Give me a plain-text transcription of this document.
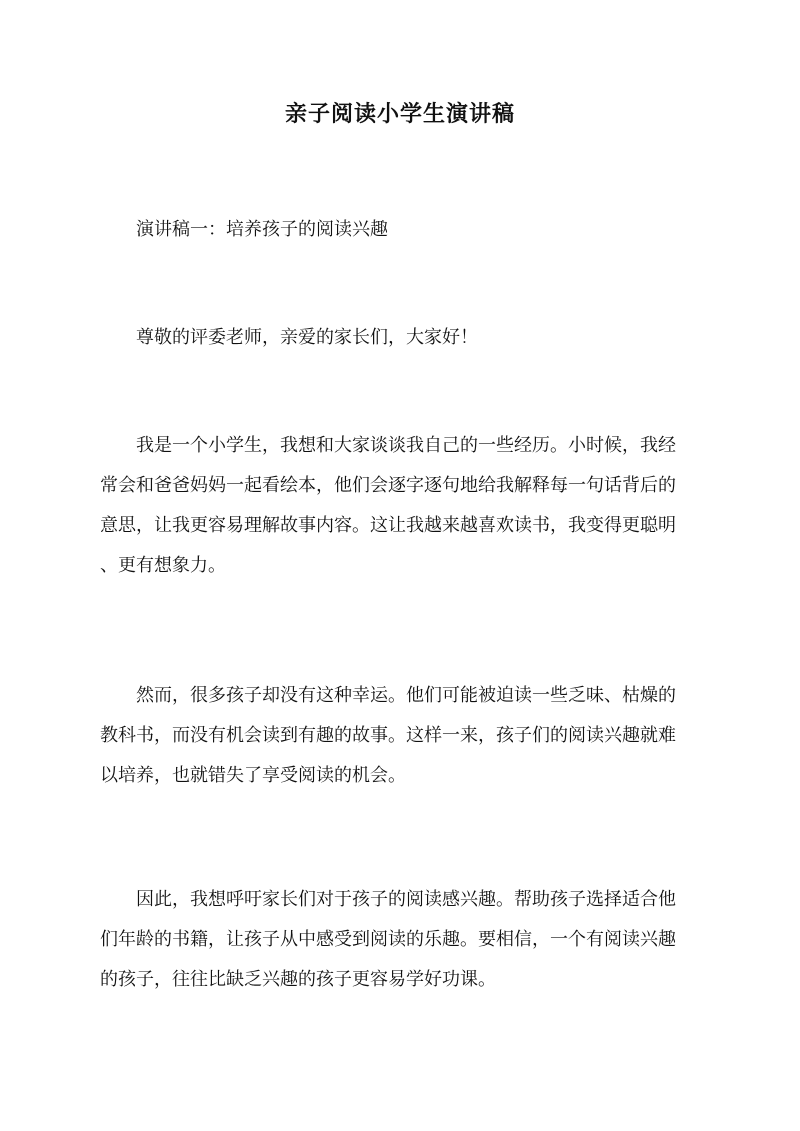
亲子阅读小学生演讲稿

演讲稿一：培养孩子的阅读兴趣

尊敬的评委老师，亲爱的家长们，大家好！

我是一个小学生，我想和大家谈谈我自己的一些经历。小时候，我经
常会和爸爸妈妈一起看绘本，他们会逐字逐句地给我解释每一句话背后的
意思，让我更容易理解故事内容。这让我越来越喜欢读书，我变得更聪明
、更有想象力。

然而，很多孩子却没有这种幸运。他们可能被迫读一些乏味、枯燥的
教科书，而没有机会读到有趣的故事。这样一来，孩子们的阅读兴趣就难
以培养，也就错失了享受阅读的机会。

因此，我想呼吁家长们对于孩子的阅读感兴趣。帮助孩子选择适合他
们年龄的书籍，让孩子从中感受到阅读的乐趣。要相信，一个有阅读兴趣
的孩子，往往比缺乏兴趣的孩子更容易学好功课。
